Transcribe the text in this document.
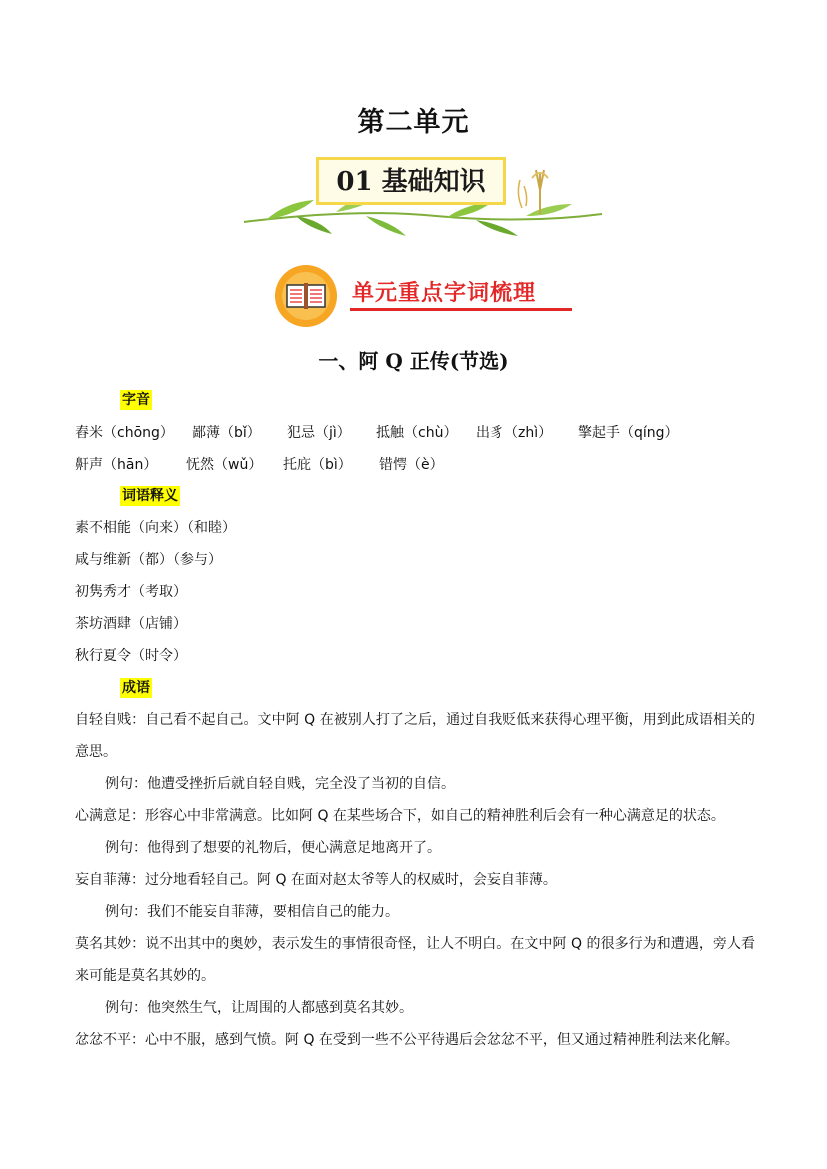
第二单元
01 基础知识
单元重点字词梳理
一、阿 Q 正传(节选)
字音
舂米（chōng）	鄙薄（bǐ）	犯忌（jì）	抵触（chù）	出豸（zhì）	擎起手（qíng）
鼾声（hān）	怃然（wǔ）	托庇（bì）	错愕（è）
词语释义
素不相能（向来）（和睦）
咸与维新（都）（参与）
初隽秀才（考取）
茶坊酒肆（店铺）
秋行夏令（时令）
成语
自轻自贱：自己看不起自己。文中阿 Q 在被别人打了之后，通过自我贬低来获得心理平衡，用到此成语相关的意思。
例句：他遭受挫折后就自轻自贱，完全没了当初的自信。
心满意足：形容心中非常满意。比如阿 Q 在某些场合下，如自己的精神胜利后会有一种心满意足的状态。
例句：他得到了想要的礼物后，便心满意足地离开了。
妄自菲薄：过分地看轻自己。阿 Q 在面对赵太爷等人的权威时，会妄自菲薄。
例句：我们不能妄自菲薄，要相信自己的能力。
莫名其妙：说不出其中的奥妙，表示发生的事情很奇怪，让人不明白。在文中阿 Q 的很多行为和遭遇，旁人看来可能是莫名其妙的。
例句：他突然生气，让周围的人都感到莫名其妙。
忿忿不平：心中不服，感到气愤。阿 Q 在受到一些不公平待遇后会忿忿不平，但又通过精神胜利法来化解。
